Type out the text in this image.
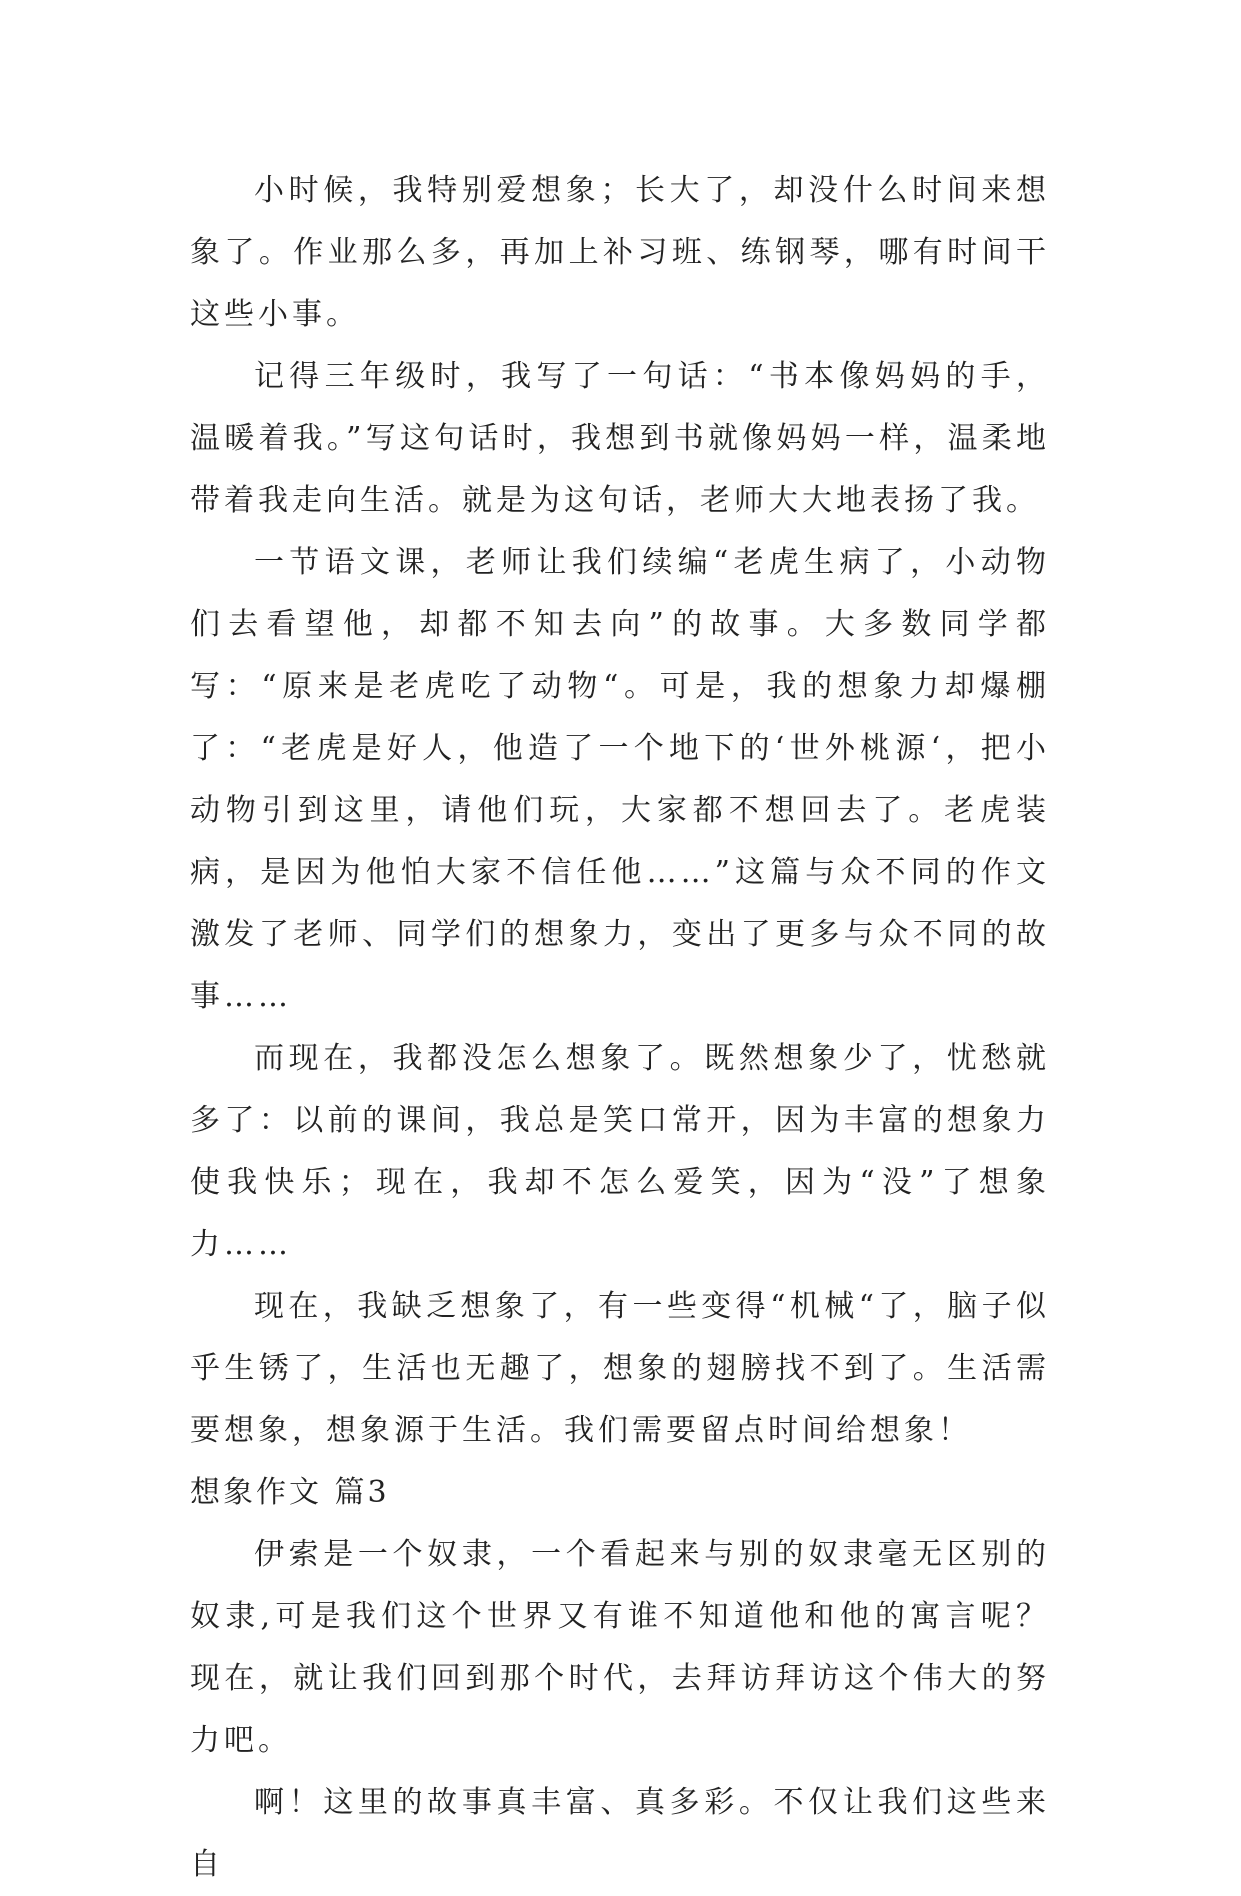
小时候，我特别爱想象；长大了，却没什么时间来想象了。作业那么多，再加上补习班、练钢琴，哪有时间干这些小事。

记得三年级时，我写了一句话：“书本像妈妈的手，温暖着我。”写这句话时，我想到书就像妈妈一样，温柔地带着我走向生活。就是为这句话，老师大大地表扬了我。

一节语文课，老师让我们续编“老虎生病了，小动物们去看望他，却都不知去向”的故事。大多数同学都写：“原来是老虎吃了动物“。可是，我的想象力却爆棚了：“老虎是好人，他造了一个地下的‘世外桃源‘，把小动物引到这里，请他们玩，大家都不想回去了。老虎装病，是因为他怕大家不信任他……”这篇与众不同的作文激发了老师、同学们的想象力，变出了更多与众不同的故事……

而现在，我都没怎么想象了。既然想象少了，忧愁就多了：以前的课间，我总是笑口常开，因为丰富的想象力使我快乐；现在，我却不怎么爱笑，因为“没”了想象力……

现在，我缺乏想象了，有一些变得“机械“了，脑子似乎生锈了，生活也无趣了，想象的翅膀找不到了。生活需要想象，想象源于生活。我们需要留点时间给想象！

想象作文 篇3

伊索是一个奴隶，一个看起来与别的奴隶毫无区别的奴隶,可是我们这个世界又有谁不知道他和他的寓言呢？现在，就让我们回到那个时代，去拜访拜访这个伟大的努力吧。

啊！这里的故事真丰富、真多彩。不仅让我们这些来自
